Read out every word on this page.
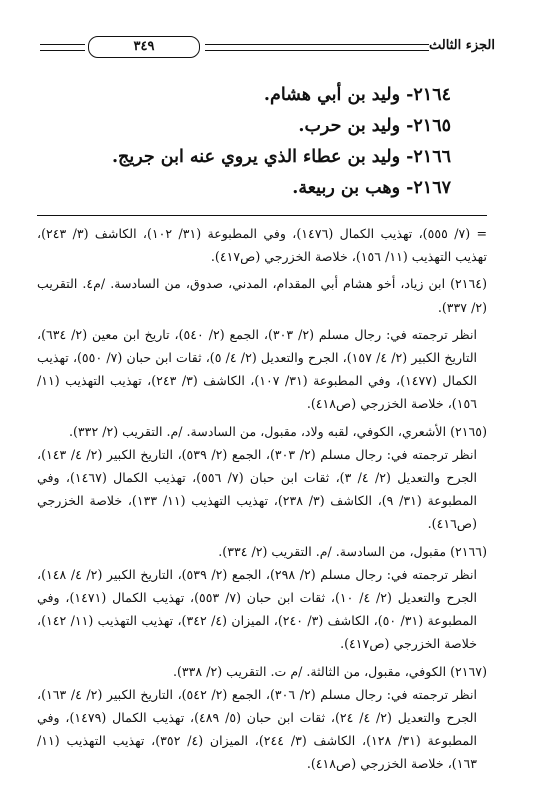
الجزء الثالث
٣٤٩
٢١٦٤- وليد بن أبي هشام.
٢١٦٥- وليد بن حرب.
٢١٦٦- وليد بن عطاء الذي يروي عنه ابن جريج.
٢١٦٧- وهب بن ربيعة.

= (٧/ ٥٥٥)، تهذيب الكمال (١٤٧٦)، وفي المطبوعة (٣١/ ١٠٢)، الكاشف (٣/ ٢٤٣)، تهذيب التهذيب (١١/ ١٥٦)، خلاصة الخزرجي (ص٤١٧).

(٢١٦٤) ابن زياد، أخو هشام أبي المقدام، المدني، صدوق، من السادسة. /م٤. التقريب (٢/ ٣٣٧).

انظر ترجمته في: رجال مسلم (٢/ ٣٠٣)، الجمع (٢/ ٥٤٠)، تاريخ ابن معين (٢/ ٦٣٤)، التاريخ الكبير (٢/ ٤/ ١٥٧)، الجرح والتعديل (٢/ ٤/ ٥)، ثقات ابن حبان (٧/ ٥٥٠)، تهذيب الكمال (١٤٧٧)، وفي المطبوعة (٣١/ ١٠٧)، الكاشف (٣/ ٢٤٣)، تهذيب التهذيب (١١/ ١٥٦)، خلاصة الخزرجي (ص٤١٨).

(٢١٦٥) الأشعري، الكوفي، لقبه ولاد، مقبول، من السادسة. /م. التقريب (٢/ ٣٣٢).

انظر ترجمته في: رجال مسلم (٢/ ٣٠٣)، الجمع (٢/ ٥٣٩)، التاريخ الكبير (٢/ ٤/ ١٤٣)، الجرح والتعديل (٢/ ٤/ ٣)، ثقات ابن حبان (٧/ ٥٥٦)، تهذيب الكمال (١٤٦٧)، وفي المطبوعة (٣١/ ٩)، الكاشف (٣/ ٢٣٨)، تهذيب التهذيب (١١/ ١٣٣)، خلاصة الخزرجي (ص٤١٦).

(٢١٦٦) مقبول، من السادسة. /م. التقريب (٢/ ٣٣٤).

انظر ترجمته في: رجال مسلم (٢/ ٢٩٨)، الجمع (٢/ ٥٣٩)، التاريخ الكبير (٢/ ٤/ ١٤٨)، الجرح والتعديل (٢/ ٤/ ١٠)، ثقات ابن حبان (٧/ ٥٥٣)، تهذيب الكمال (١٤٧١)، وفي المطبوعة (٣١/ ٥٠)، الكاشف (٣/ ٢٤٠)، الميزان (٤/ ٣٤٢)، تهذيب التهذيب (١١/ ١٤٢)، خلاصة الخزرجي (ص٤١٧).

(٢١٦٧) الكوفي، مقبول، من الثالثة. /م ت. التقريب (٢/ ٣٣٨).

انظر ترجمته في: رجال مسلم (٢/ ٣٠٦)، الجمع (٢/ ٥٤٢)، التاريخ الكبير (٢/ ٤/ ١٦٣)، الجرح والتعديل (٢/ ٤/ ٢٤)، ثقات ابن حبان (٥/ ٤٨٩)، تهذيب الكمال (١٤٧٩)، وفي المطبوعة (٣١/ ١٢٨)، الكاشف (٣/ ٢٤٤)، الميزان (٤/ ٣٥٢)، تهذيب التهذيب (١١/ ١٦٣)، خلاصة الخزرجي (ص٤١٨).
